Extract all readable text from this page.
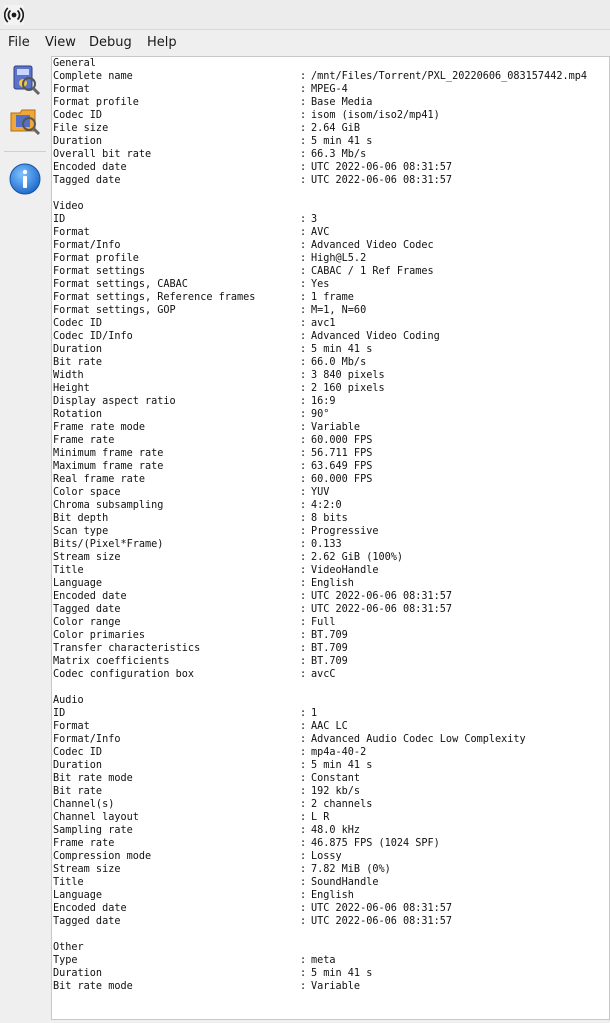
File View Debug Help
General
Complete name	: /mnt/Files/Torrent/PXL_20220606_083157442.mp4
Format	: MPEG-4
Format profile	: Base Media
Codec ID	: isom (isom/iso2/mp41)
File size	: 2.64 GiB
Duration	: 5 min 41 s
Overall bit rate	: 66.3 Mb/s
Encoded date	: UTC 2022-06-06 08:31:57
Tagged date	: UTC 2022-06-06 08:31:57
Video
ID	: 3
Format	: AVC
Format/Info	: Advanced Video Codec
Format profile	: High@L5.2
Format settings	: CABAC / 1 Ref Frames
Format settings, CABAC	: Yes
Format settings, Reference frames	: 1 frame
Format settings, GOP	: M=1, N=60
Codec ID	: avc1
Codec ID/Info	: Advanced Video Coding
Duration	: 5 min 41 s
Bit rate	: 66.0 Mb/s
Width	: 3 840 pixels
Height	: 2 160 pixels
Display aspect ratio	: 16:9
Rotation	: 90°
Frame rate mode	: Variable
Frame rate	: 60.000 FPS
Minimum frame rate	: 56.711 FPS
Maximum frame rate	: 63.649 FPS
Real frame rate	: 60.000 FPS
Color space	: YUV
Chroma subsampling	: 4:2:0
Bit depth	: 8 bits
Scan type	: Progressive
Bits/(Pixel*Frame)	: 0.133
Stream size	: 2.62 GiB (100%)
Title	: VideoHandle
Language	: English
Encoded date	: UTC 2022-06-06 08:31:57
Tagged date	: UTC 2022-06-06 08:31:57
Color range	: Full
Color primaries	: BT.709
Transfer characteristics	: BT.709
Matrix coefficients	: BT.709
Codec configuration box	: avcC
Audio
ID	: 1
Format	: AAC LC
Format/Info	: Advanced Audio Codec Low Complexity
Codec ID	: mp4a-40-2
Duration	: 5 min 41 s
Bit rate mode	: Constant
Bit rate	: 192 kb/s
Channel(s)	: 2 channels
Channel layout	: L R
Sampling rate	: 48.0 kHz
Frame rate	: 46.875 FPS (1024 SPF)
Compression mode	: Lossy
Stream size	: 7.82 MiB (0%)
Title	: SoundHandle
Language	: English
Encoded date	: UTC 2022-06-06 08:31:57
Tagged date	: UTC 2022-06-06 08:31:57
Other
Type	: meta
Duration	: 5 min 41 s
Bit rate mode	: Variable
